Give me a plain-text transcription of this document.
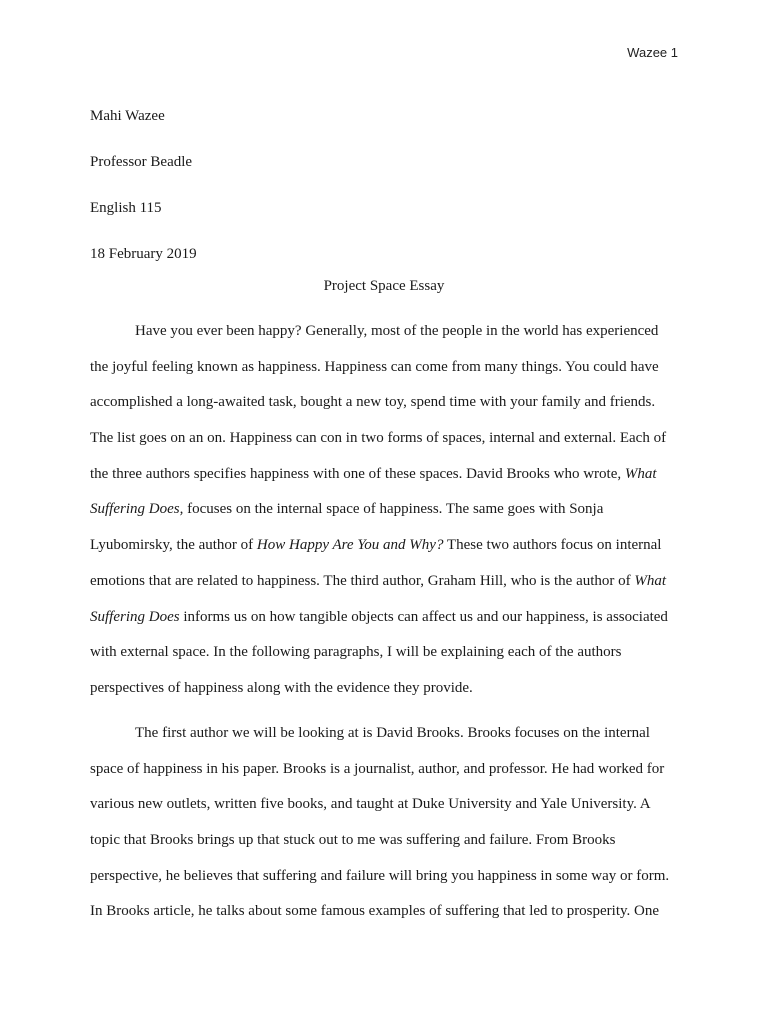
Wazee 1
Mahi Wazee
Professor Beadle
English 115
18 February 2019
Project Space Essay
Have you ever been happy? Generally, most of the people in the world has experienced
the joyful feeling known as happiness. Happiness can come from many things. You could have
accomplished a long-awaited task, bought a new toy, spend time with your family and friends.
The list goes on an on. Happiness can con in two forms of spaces, internal and external. Each of
the three authors specifies happiness with one of these spaces. David Brooks who wrote, What
Suffering Does, focuses on the internal space of happiness. The same goes with Sonja
Lyubomirsky, the author of How Happy Are You and Why? These two authors focus on internal
emotions that are related to happiness. The third author, Graham Hill, who is the author of What
Suffering Does informs us on how tangible objects can affect us and our happiness, is associated
with external space. In the following paragraphs, I will be explaining each of the authors
perspectives of happiness along with the evidence they provide.
The first author we will be looking at is David Brooks. Brooks focuses on the internal
space of happiness in his paper. Brooks is a journalist, author, and professor. He had worked for
various new outlets, written five books, and taught at Duke University and Yale University. A
topic that Brooks brings up that stuck out to me was suffering and failure. From Brooks
perspective, he believes that suffering and failure will bring you happiness in some way or form.
In Brooks article, he talks about some famous examples of suffering that led to prosperity. One
